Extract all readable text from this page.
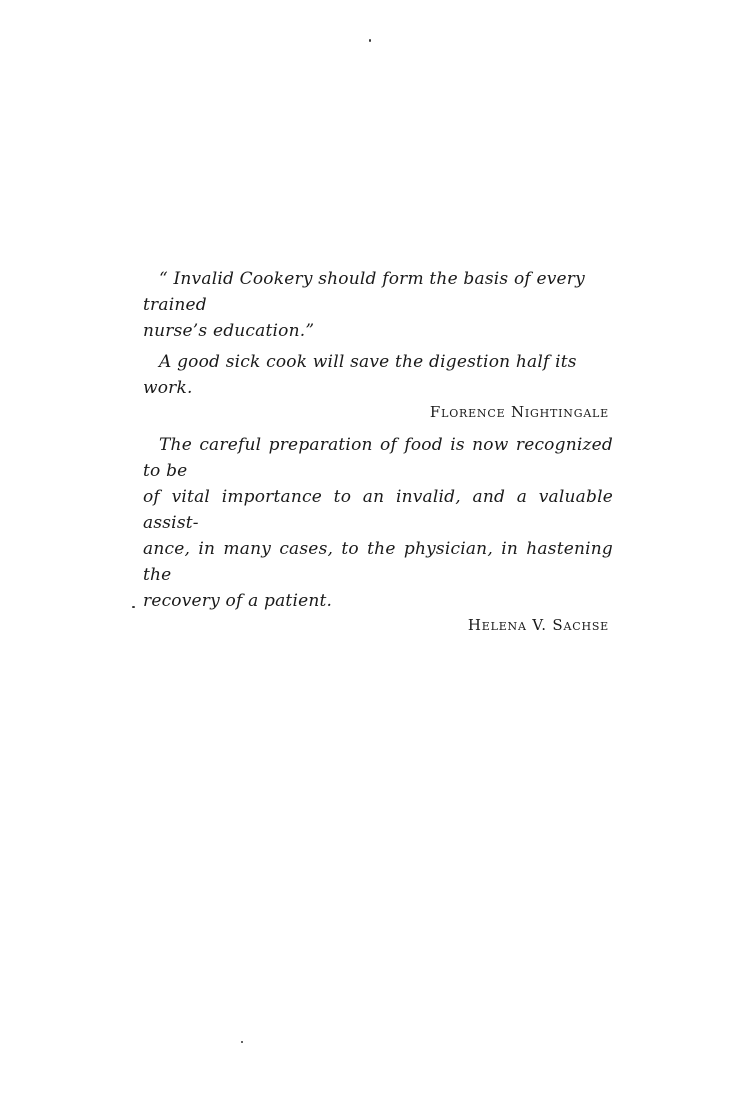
“ Invalid Cookery should form the basis of every trained

nurse’s education.”

A good sick cook will save the digestion half its work.

Florence Nightingale

The careful preparation of food is now recognized to be

of vital importance to an invalid, and a valuable assist-

ance, in many cases, to the physician, in hastening the

recovery of a patient.

Helena V. Sachse
